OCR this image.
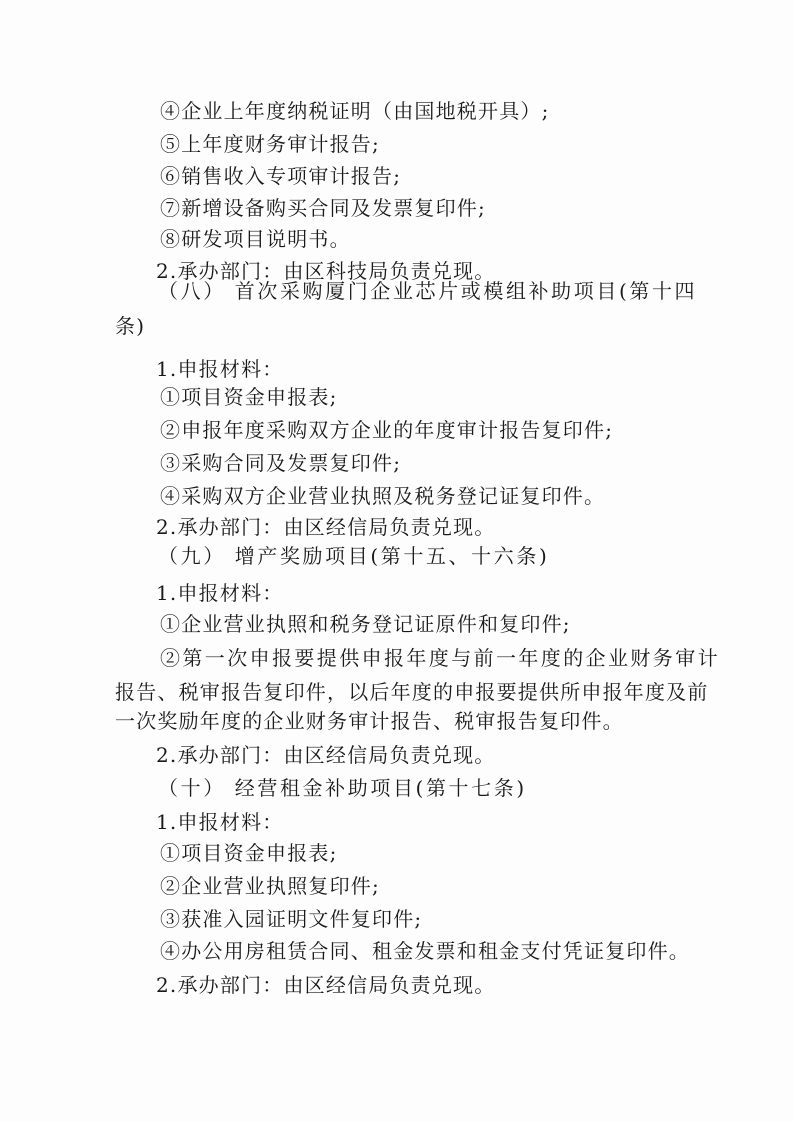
④企业上年度纳税证明（由国地税开具）;
⑤上年度财务审计报告;
⑥销售收入专项审计报告;
⑦新增设备购买合同及发票复印件;
⑧研发项目说明书。
2.承办部门：由区科技局负责兑现。
（八） 首次采购厦门企业芯片或模组补助项目(第十四
条)
1.申报材料：
①项目资金申报表;
②申报年度采购双方企业的年度审计报告复印件;
③采购合同及发票复印件;
④采购双方企业营业执照及税务登记证复印件。
2.承办部门：由区经信局负责兑现。
（九） 增产奖励项目(第十五、十六条)
1.申报材料：
①企业营业执照和税务登记证原件和复印件;
②第一次申报要提供申报年度与前一年度的企业财务审计
报告、税审报告复印件，以后年度的申报要提供所申报年度及前
一次奖励年度的企业财务审计报告、税审报告复印件。
2.承办部门：由区经信局负责兑现。
（十） 经营租金补助项目(第十七条)
1.申报材料：
①项目资金申报表;
②企业营业执照复印件;
③获准入园证明文件复印件;
④办公用房租赁合同、租金发票和租金支付凭证复印件。
2.承办部门：由区经信局负责兑现。
